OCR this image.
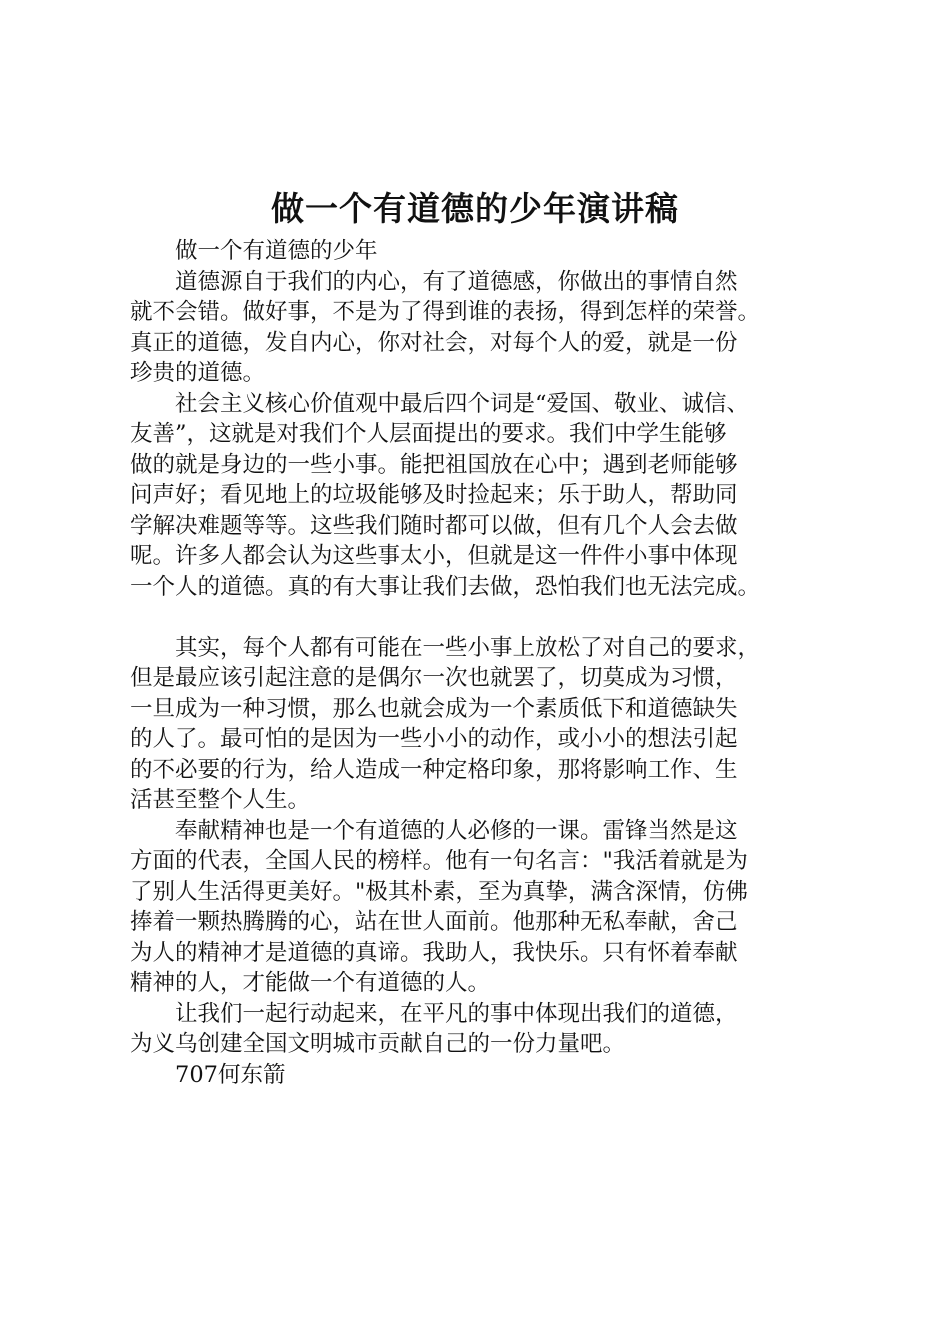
做一个有道德的少年演讲稿

做一个有道德的少年

道德源自于我们的内心，有了道德感，你做出的事情自然
就不会错。做好事，不是为了得到谁的表扬，得到怎样的荣誉。
真正的道德，发自内心，你对社会，对每个人的爱，就是一份
珍贵的道德。
社会主义核心价值观中最后四个词是“爱国、敬业、诚信、
友善”，这就是对我们个人层面提出的要求。我们中学生能够
做的就是身边的一些小事。能把祖国放在心中；遇到老师能够
问声好；看见地上的垃圾能够及时捡起来；乐于助人，帮助同
学解决难题等等。这些我们随时都可以做，但有几个人会去做
呢。许多人都会认为这些事太小，但就是这一件件小事中体现
一个人的道德。真的有大事让我们去做，恐怕我们也无法完成。
其实，每个人都有可能在一些小事上放松了对自己的要求，
但是最应该引起注意的是偶尔一次也就罢了，切莫成为习惯，
一旦成为一种习惯，那么也就会成为一个素质低下和道德缺失
的人了。最可怕的是因为一些小小的动作，或小小的想法引起
的不必要的行为，给人造成一种定格印象，那将影响工作、生
活甚至整个人生。
奉献精神也是一个有道德的人必修的一课。雷锋当然是这
方面的代表，全国人民的榜样。他有一句名言："我活着就是为
了别人生活得更美好。"极其朴素，至为真挚，满含深情，仿佛
捧着一颗热腾腾的心，站在世人面前。他那种无私奉献，舍己
为人的精神才是道德的真谛。我助人，我快乐。只有怀着奉献
精神的人，才能做一个有道德的人。
让我们一起行动起来，在平凡的事中体现出我们的道德，
为义乌创建全国文明城市贡献自己的一份力量吧。

707何东箭
